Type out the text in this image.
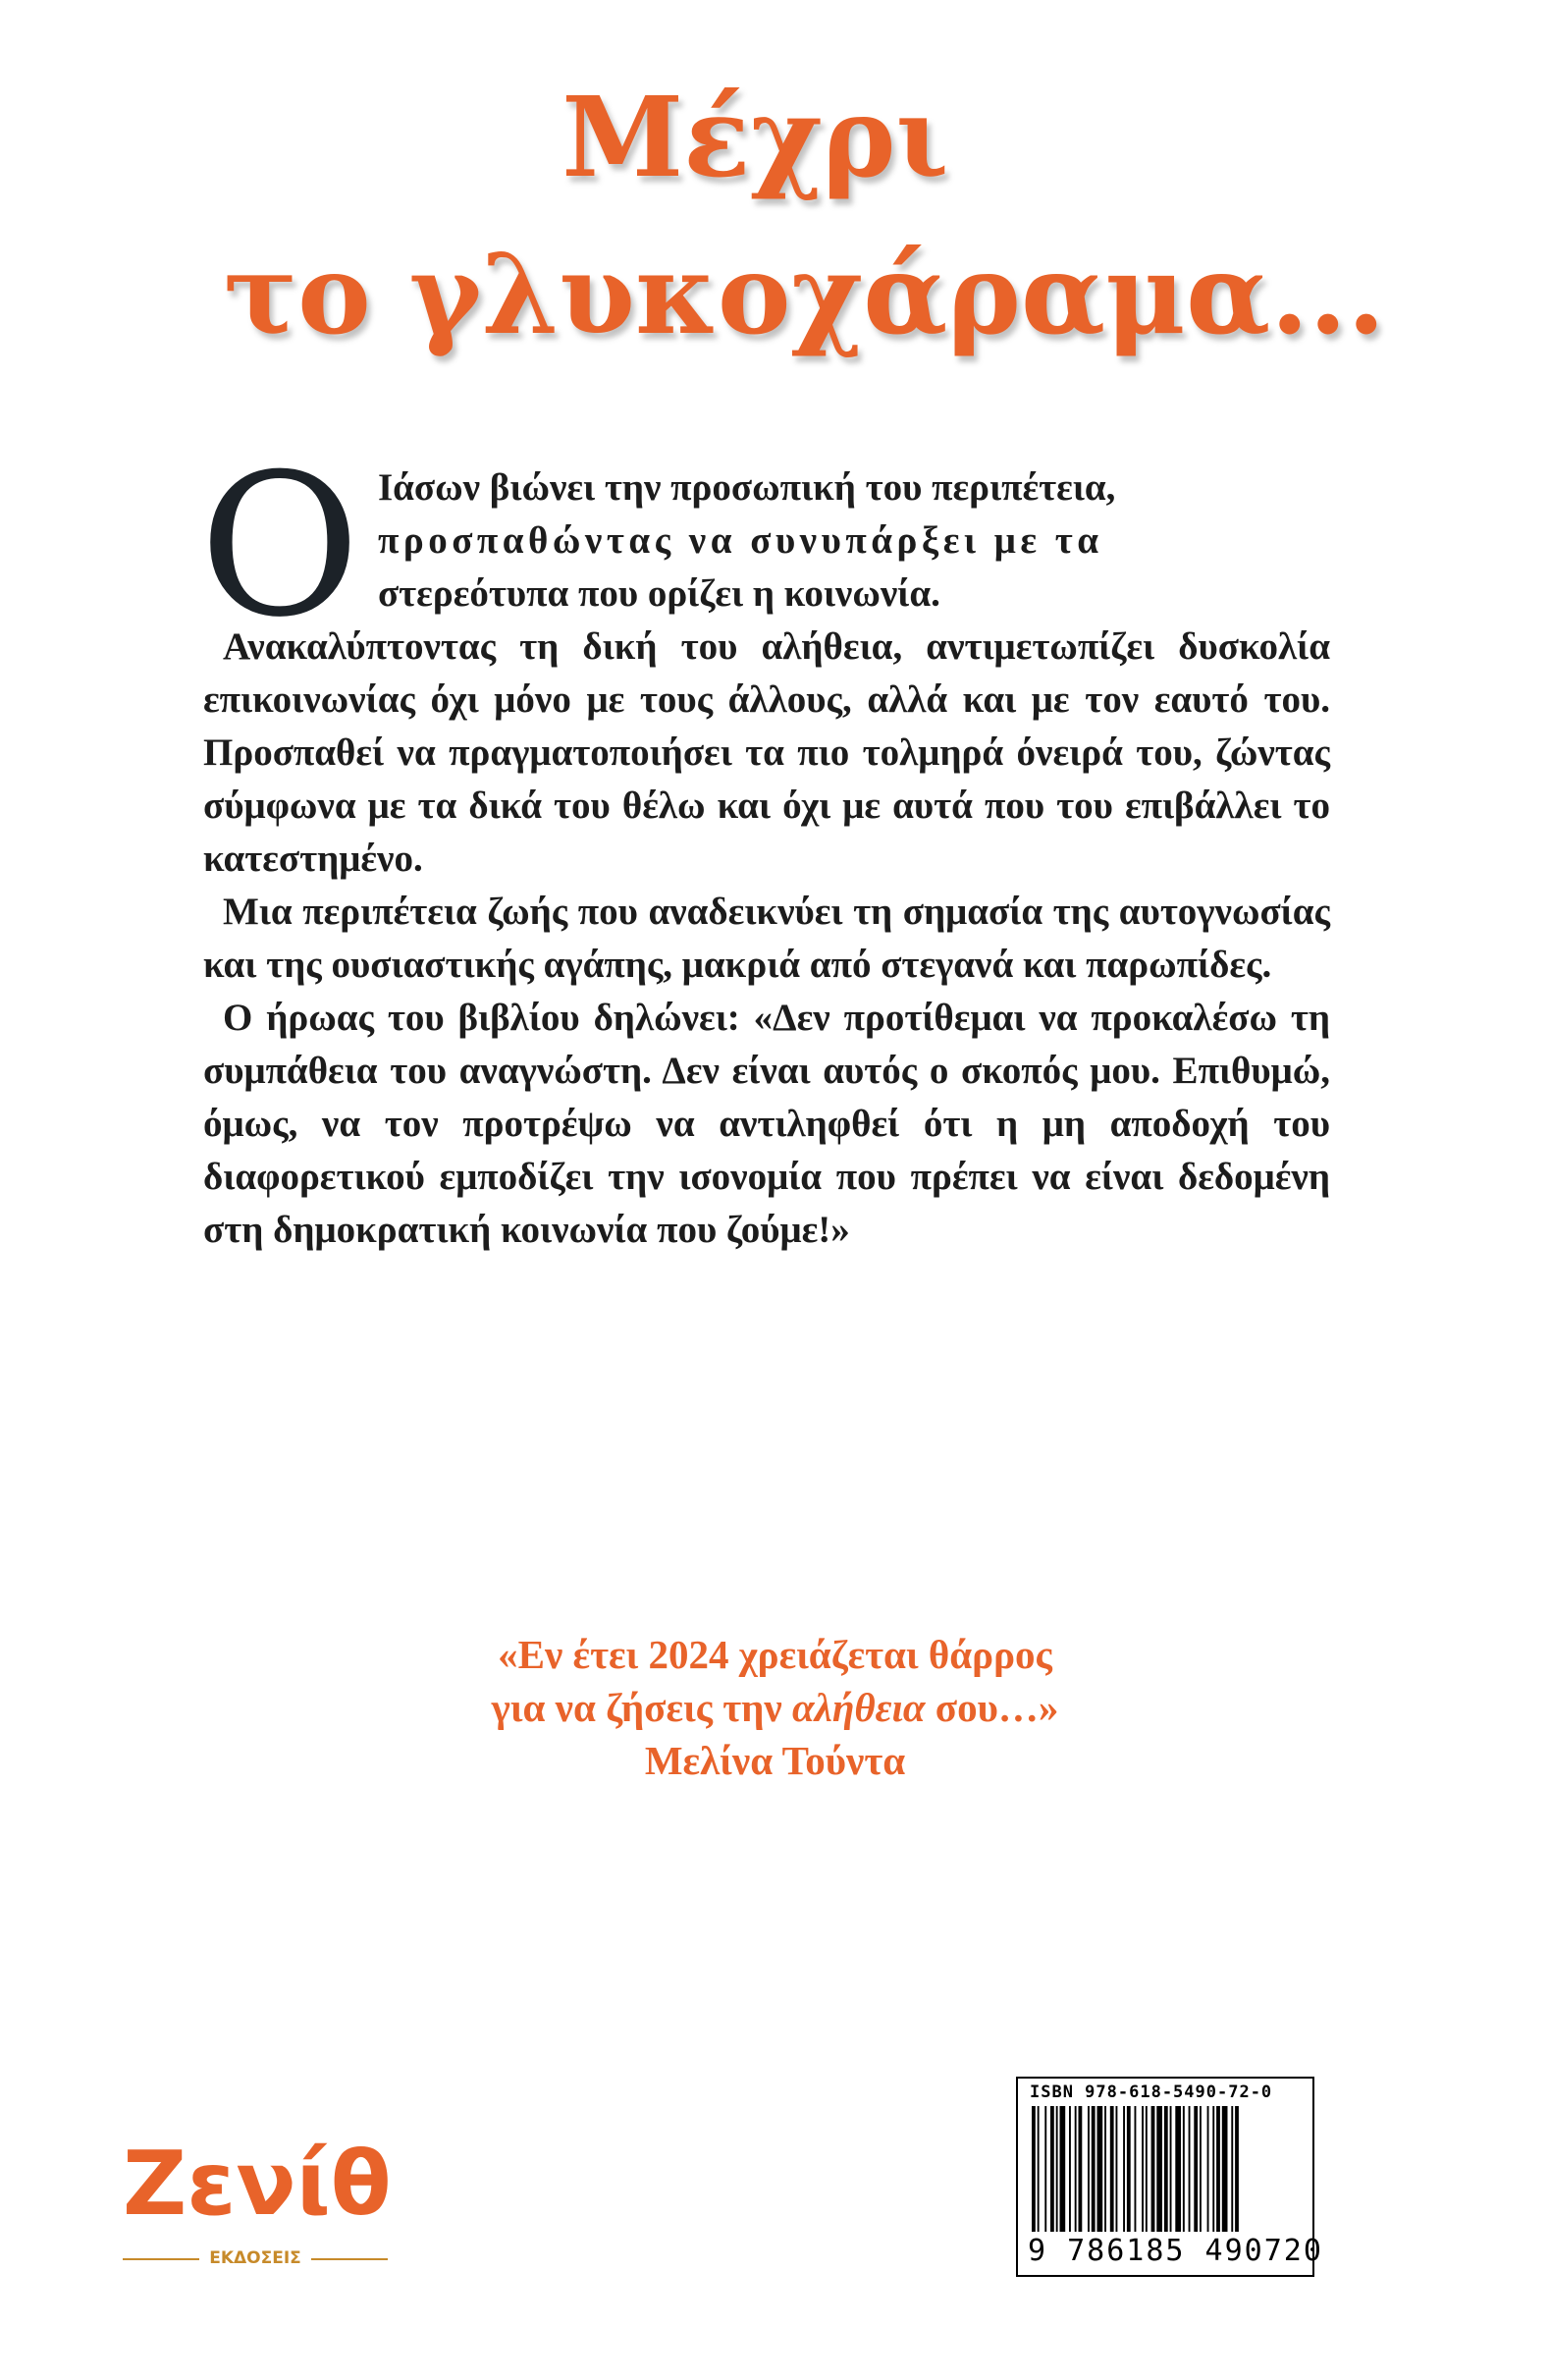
Μέχρι
το γλυκοχάραμα...

Ο Ιάσων βιώνει την προσωπική του περιπέτεια,
προσπαθώντας να συνυπάρξει με τα
στερεότυπα που ορίζει η κοινωνία.

Ανακαλύπτοντας τη δική του αλήθεια, αντιμετωπίζει δυσκολία επικοινωνίας όχι μόνο με τους άλλους, αλλά και με τον εαυτό του. Προσπαθεί να πραγματοποιήσει τα πιο τολμηρά όνειρά του, ζώντας σύμφωνα με τα δικά του θέλω και όχι με αυτά που του επιβάλλει το κατεστημένο.

Μια περιπέτεια ζωής που αναδεικνύει τη σημασία της αυτογνωσίας και της ουσιαστικής αγάπης, μακριά από στεγανά και παρωπίδες.

Ο ήρωας του βιβλίου δηλώνει: «Δεν προτίθεμαι να προκαλέσω τη συμπάθεια του αναγνώστη. Δεν είναι αυτός ο σκοπός μου. Επιθυμώ, όμως, να τον προτρέψω να αντιληφθεί ότι η μη αποδοχή του διαφορετικού εμποδίζει την ισονομία που πρέπει να είναι δεδομένη στη δημοκρατική κοινωνία που ζούμε!»

«Εν έτει 2024 χρειάζεται θάρρος
για να ζήσεις την αλήθεια σου…»
Μελίνα Τούντα
Ζενίθ
ΕΚΔΟΣΕΙΣ
ISBN 978-618-5490-72-0
9 786185 490720
